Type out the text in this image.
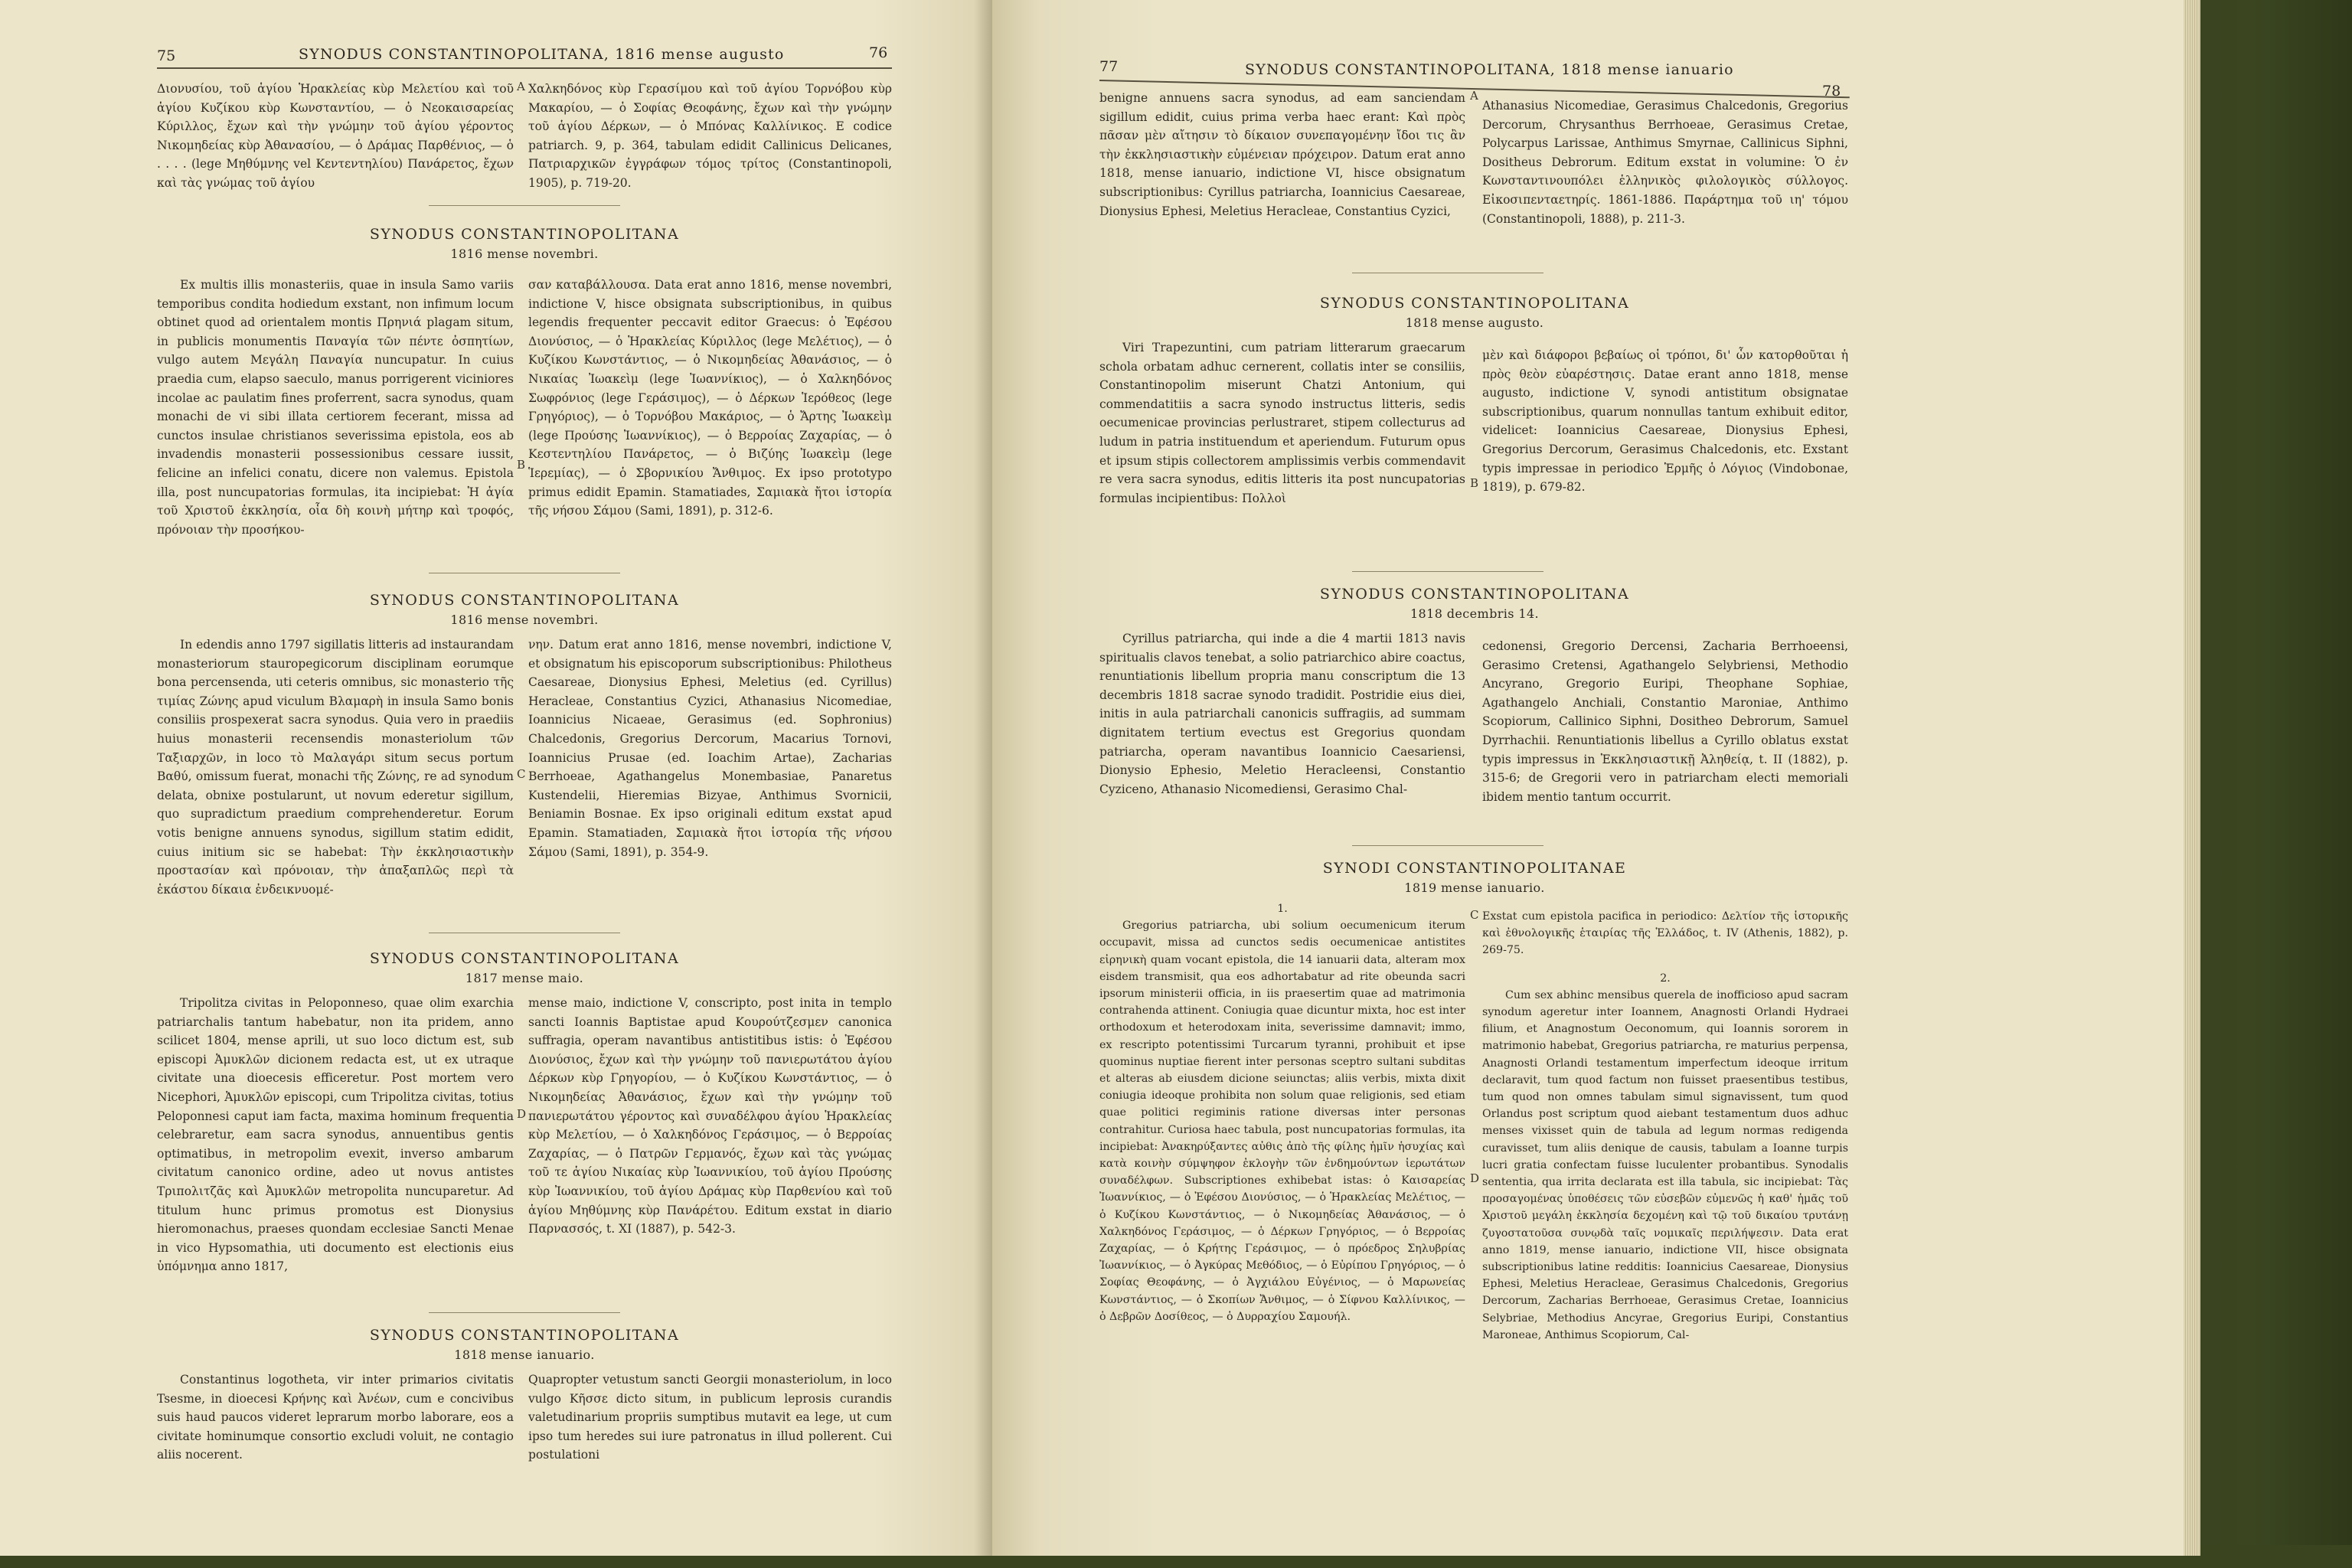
75	SYNODUS CONSTANTINOPOLITANA, 1816 mense augusto	76

Διονυσίου, τοῦ ἁγίου Ἡρακλείας κὺρ Μελετίου καὶ τοῦ ἁγίου Κυζίκου κὺρ Κωνσταντίου, — ὁ Νεοκαισαρείας Κύριλλος, ἔχων καὶ τὴν γνώμην τοῦ ἁγίου γέροντος Νικομηδείας κὺρ Ἀθανασίου, — ὁ Δράμας Παρθένιος, — ὁ . . . . (lege Μηθύμνης vel Κεντεντηλίου) Πανάρετος, ἔχων καὶ τὰς γνώμας τοῦ ἁγίου

Χαλκηδόνος κὺρ Γερασίμου καὶ τοῦ ἁγίου Τορνόβου κὺρ Μακαρίου, — ὁ Σοφίας Θεοφάνης, ἔχων καὶ τὴν γνώμην τοῦ ἁγίου Δέρκων, — ὁ Μπόνας Καλλίνικος. E codice patriarch. 9, p. 364, tabulam edidit Callinicus Delicanes, Πατριαρχικῶν ἐγγράφων τόμος τρίτος (Constantinopoli, 1905), p. 719-20.

SYNODUS CONSTANTINOPOLITANA
1816 mense novembri.

Ex multis illis monasteriis, quae in insula Samo variis temporibus condita hodiedum exstant, non infimum locum obtinet quod ad orientalem montis Πρηνιά plagam situm, in publicis monumentis Παναγία τῶν πέντε ὀσπητίων, vulgo autem Μεγάλη Παναγία nuncupatur. In cuius praedia cum, elapso saeculo, manus porrigerent viciniores incolae ac paulatim fines proferrent, sacra synodus, quam monachi de vi sibi illata certiorem fecerant, missa ad cunctos insulae christianos severissima epistola, eos ab invadendis monasterii possessionibus cessare iussit, felicine an infelici conatu, dicere non valemus. Epistola illa, post nuncupatorias formulas, ita incipiebat: Ἡ ἁγία τοῦ Χριστοῦ ἐκκλησία, οἷα δὴ κοινὴ μήτηρ καὶ τροφός, πρόνοιαν τὴν προσήκου-

σαν καταβάλλουσα. Data erat anno 1816, mense novembri, indictione V, hisce obsignata subscriptionibus, in quibus legendis frequenter peccavit editor Graecus: ὁ Ἐφέσου Διονύσιος, — ὁ Ἡρακλείας Κύριλλος (lege Μελέτιος), — ὁ Κυζίκου Κωνστάντιος, — ὁ Νικομηδείας Ἀθανάσιος, — ὁ Νικαίας Ἰωακεὶμ (lege Ἰωαννίκιος), — ὁ Χαλκηδόνος Σωφρόνιος (lege Γεράσιμος), — ὁ Δέρκων Ἱερόθεος (lege Γρηγόριος), — ὁ Τορνόβου Μακάριος, — ὁ Ἄρτης Ἰωακεὶμ (lege Προύσης Ἰωαννίκιος), — ὁ Βερροίας Ζαχαρίας, — ὁ Κεστεντηλίου Πανάρετος, — ὁ Βιζύης Ἰωακεὶμ (lege Ἱερεμίας), — ὁ Σβορνικίου Ἄνθιμος. Ex ipso prototypo primus edidit Epamin. Stamatiades, Σαμιακὰ ἤτοι ἱστορία τῆς νήσου Σάμου (Sami, 1891), p. 312-6.

SYNODUS CONSTANTINOPOLITANA
1816 mense novembri.

In edendis anno 1797 sigillatis litteris ad instaurandam monasteriorum stauropegicorum disciplinam eorumque bona percensenda, uti ceteris omnibus, sic monasterio τῆς τιμίας Ζώνης apud viculum Βλαμαρὴ in insula Samo bonis consiliis prospexerat sacra synodus. Quia vero in praediis huius monasterii recensendis monasteriolum τῶν Ταξιαρχῶν, in loco τὸ Μαλαγάρι situm secus portum Βαθύ, omissum fuerat, monachi τῆς Ζώνης, re ad synodum delata, obnixe postularunt, ut novum ederetur sigillum, quo supradictum praedium comprehenderetur. Eorum votis benigne annuens synodus, sigillum statim edidit, cuius initium sic se habebat: Τὴν ἐκκλησιαστικὴν προστασίαν καὶ πρόνοιαν, τὴν ἀπαξαπλῶς περὶ τὰ ἑκάστου δίκαια ἐνδεικνυομέ-

νην. Datum erat anno 1816, mense novembri, indictione V, et obsignatum his episcoporum subscriptionibus: Philotheus Caesareae, Dionysius Ephesi, Meletius (ed. Cyrillus) Heracleae, Constantius Cyzici, Athanasius Nicomediae, Ioannicius Nicaeae, Gerasimus (ed. Sophronius) Chalcedonis, Gregorius Dercorum, Macarius Tornovi, Ioannicius Prusae (ed. Ioachim Artae), Zacharias Berrhoeae, Agathangelus Monembasiae, Panaretus Kustendelii, Hieremias Bizyae, Anthimus Svornicii, Beniamin Bosnae. Ex ipso originali editum exstat apud Epamin. Stamatiaden, Σαμιακὰ ἤτοι ἱστορία τῆς νήσου Σάμου (Sami, 1891), p. 354-9.

SYNODUS CONSTANTINOPOLITANA
1817 mense maio.

Tripolitza civitas in Peloponneso, quae olim exarchia patriarchalis tantum habebatur, non ita pridem, anno scilicet 1804, mense aprili, ut suo loco dictum est, sub episcopi Ἀμυκλῶν dicionem redacta est, ut ex utraque civitate una dioecesis efficeretur. Post mortem vero Nicephori, Ἀμυκλῶν episcopi, cum Tripolitza civitas, totius Peloponnesi caput iam facta, maxima hominum frequentia celebraretur, eam sacra synodus, annuentibus gentis optimatibus, in metropolim evexit, inverso ambarum civitatum canonico ordine, adeo ut novus antistes Τριπολιτζᾶς καὶ Ἀμυκλῶν metropolita nuncuparetur. Ad titulum hunc primus promotus est Dionysius hieromonachus, praeses quondam ecclesiae Sancti Menae in vico Hypsomathia, uti documento est electionis eius ὑπόμνημα anno 1817,

mense maio, indictione V, conscripto, post inita in templo sancti Ioannis Baptistae apud Κουρούτζεσμεν canonica suffragia, operam navantibus antistitibus istis: ὁ Ἐφέσου Διονύσιος, ἔχων καὶ τὴν γνώμην τοῦ πανιερωτάτου ἁγίου Δέρκων κὺρ Γρηγορίου, — ὁ Κυζίκου Κωνστάντιος, — ὁ Νικομηδείας Ἀθανάσιος, ἔχων καὶ τὴν γνώμην τοῦ πανιερωτάτου γέροντος καὶ συναδέλφου ἁγίου Ἡρακλείας κὺρ Μελετίου, — ὁ Χαλκηδόνος Γεράσιμος, — ὁ Βερροίας Ζαχαρίας, — ὁ Πατρῶν Γερμανός, ἔχων καὶ τὰς γνώμας τοῦ τε ἁγίου Νικαίας κὺρ Ἰωαννικίου, τοῦ ἁγίου Προύσης κὺρ Ἰωαννικίου, τοῦ ἁγίου Δράμας κὺρ Παρθενίου καὶ τοῦ ἁγίου Μηθύμνης κὺρ Πανάρέτου. Editum exstat in diario Παρνασσός, t. XI (1887), p. 542-3.

SYNODUS CONSTANTINOPOLITANA
1818 mense ianuario.

Constantinus logotheta, vir inter primarios civitatis Tsesme, in dioecesi Κρήνης καὶ Ἀνέων, cum e concivibus suis haud paucos videret leprarum morbo laborare, eos a civitate hominumque consortio excludi voluit, ne contagio aliis nocerent.

Quapropter vetustum sancti Georgii monasteriolum, in loco vulgo Κῆσσε dicto situm, in publicum leprosis curandis valetudinarium propriis sumptibus mutavit ea lege, ut cum ipso tum heredes sui iure patronatus in illud pollerent. Cui postulationi

A
B
C
D
77	SYNODUS CONSTANTINOPOLITANA, 1818 mense ianuario
78

benigne annuens sacra synodus, ad eam sanciendam sigillum edidit, cuius prima verba haec erant: Καὶ πρὸς πᾶσαν μὲν αἴτησιν τὸ δίκαιον συνεπαγομένην ἴδοι τις ἂν τὴν ἐκκλησιαστικὴν εὐμένειαν πρόχειρον. Datum erat anno 1818, mense ianuario, indictione VI, hisce obsignatum subscriptionibus: Cyrillus patriarcha, Ioannicius Caesareae, Dionysius Ephesi, Meletius Heracleae, Constantius Cyzici,

Athanasius Nicomediae, Gerasimus Chalcedonis, Gregorius Dercorum, Chrysanthus Berrhoeae, Gerasimus Cretae, Polycarpus Larissae, Anthimus Smyrnae, Callinicus Siphni, Dositheus Debrorum. Editum exstat in volumine: Ὁ ἐν Κωνσταντινουπόλει ἑλληνικὸς φιλολογικὸς σύλλογος. Εἰκοσιπενταετηρίς. 1861-1886. Παράρτημα τοῦ ιη' τόμου (Constantinopoli, 1888), p. 211-3.

SYNODUS CONSTANTINOPOLITANA
1818 mense augusto.

Viri Trapezuntini, cum patriam litterarum graecarum schola orbatam adhuc cernerent, collatis inter se consiliis, Constantinopolim miserunt Chatzi Antonium, qui commendatitiis a sacra synodo instructus litteris, sedis oecumenicae provincias perlustraret, stipem collecturus ad ludum in patria instituendum et aperiendum. Futurum opus et ipsum stipis collectorem amplissimis verbis commendavit re vera sacra synodus, editis litteris ita post nuncupatorias formulas incipientibus: Πολλοὶ

μὲν καὶ διάφοροι βεβαίως οἱ τρόποι, δι' ὧν κατορθοῦται ἡ πρὸς θεὸν εὐαρέστησις. Datae erant anno 1818, mense augusto, indictione V, synodi antistitum obsignatae subscriptionibus, quarum nonnullas tantum exhibuit editor, videlicet: Ioannicius Caesareae, Dionysius Ephesi, Gregorius Dercorum, Gerasimus Chalcedonis, etc. Exstant typis impressae in periodico Ἑρμῆς ὁ Λόγιος (Vindobonae, 1819), p. 679-82.

SYNODUS CONSTANTINOPOLITANA
1818 decembris 14.

Cyrillus patriarcha, qui inde a die 4 martii 1813 navis spiritualis clavos tenebat, a solio patriarchico abire coactus, renuntiationis libellum propria manu conscriptum die 13 decembris 1818 sacrae synodo tradidit. Postridie eius diei, initis in aula patriarchali canonicis suffragiis, ad summam dignitatem tertium evectus est Gregorius quondam patriarcha, operam navantibus Ioannicio Caesariensi, Dionysio Ephesio, Meletio Heracleensi, Constantio Cyziceno, Athanasio Nicomediensi, Gerasimo Chal-

cedonensi, Gregorio Dercensi, Zacharia Berrhoeensi, Gerasimo Cretensi, Agathangelo Selybriensi, Methodio Ancyrano, Gregorio Euripi, Theophane Sophiae, Agathangelo Anchiali, Constantio Maroniae, Anthimo Scopiorum, Callinico Siphni, Dositheo Debrorum, Samuel Dyrrhachii. Renuntiationis libellus a Cyrillo oblatus exstat typis impressus in Ἐκκλησιαστικῇ Ἀληθείᾳ, t. II (1882), p. 315-6; de Gregorii vero in patriarcham electi memoriali ibidem mentio tantum occurrit.

SYNODI CONSTANTINOPOLITANAE
1819 mense ianuario.

1.

Gregorius patriarcha, ubi solium oecumenicum iterum occupavit, missa ad cunctos sedis oecumenicae antistites εἰρηνικὴ quam vocant epistola, die 14 ianuarii data, alteram mox eisdem transmisit, qua eos adhortabatur ad rite obeunda sacri ipsorum ministerii officia, in iis praesertim quae ad matrimonia contrahenda attinent. Coniugia quae dicuntur mixta, hoc est inter orthodoxum et heterodoxam inita, severissime damnavit; immo, ex rescripto potentissimi Turcarum tyranni, prohibuit et ipse quominus nuptiae fierent inter personas sceptro sultani subditas et alteras ab eiusdem dicione seiunctas; aliis verbis, mixta dixit coniugia ideoque prohibita non solum quae religionis, sed etiam quae politici regiminis ratione diversas inter personas contrahitur. Curiosa haec tabula, post nuncupatorias formulas, ita incipiebat: Ἀνακηρύξαντες αὐθις ἀπὸ τῆς φίλης ἡμῖν ἡσυχίας καὶ κατὰ κοινὴν σύμψηφον ἐκλογὴν τῶν ἐνδημούντων ἱερωτάτων συναδέλφων. Subscriptiones exhibebat istas: ὁ Καισαρείας Ἰωαννίκιος, — ὁ Ἐφέσου Διονύσιος, — ὁ Ἡρακλείας Μελέτιος, — ὁ Κυζίκου Κωνστάντιος, — ὁ Νικομηδείας Ἀθανάσιος, — ὁ Χαλκηδόνος Γεράσιμος, — ὁ Δέρκων Γρηγόριος, — ὁ Βερροίας Ζαχαρίας, — ὁ Κρήτης Γεράσιμος, — ὁ πρόεδρος Σηλυβρίας Ἰωαννίκιος, — ὁ Ἀγκύρας Μεθόδιος, — ὁ Εὐρίπου Γρηγόριος, — ὁ Σοφίας Θεοφάνης, — ὁ Ἀγχιάλου Εὐγένιος, — ὁ Μαρωνείας Κωνστάντιος, — ὁ Σκοπίων Ἄνθιμος, — ὁ Σίφνου Καλλίνικος, — ὁ Δεβρῶν Δοσίθεος, — ὁ Δυρραχίου Σαμουήλ.

Exstat cum epistola pacifica in periodico: Δελτίον τῆς ἱστορικῆς καὶ ἐθνολογικῆς ἑταιρίας τῆς Ἑλλάδος, t. IV (Athenis, 1882), p. 269-75.

2.

Cum sex abhinc mensibus querela de inofficioso apud sacram synodum ageretur inter Ioannem, Anagnosti Orlandi Hydraei filium, et Anagnostum Oeconomum, qui Ioannis sororem in matrimonio habebat, Gregorius patriarcha, re maturius perpensa, Anagnosti Orlandi testamentum imperfectum ideoque irritum declaravit, tum quod factum non fuisset praesentibus testibus, tum quod non omnes tabulam simul signavissent, tum quod Orlandus post scriptum quod aiebant testamentum duos adhuc menses vixisset quin de tabula ad legum normas redigenda curavisset, tum aliis denique de causis, tabulam a Ioanne turpis lucri gratia confectam fuisse luculenter probantibus. Synodalis sententia, qua irrita declarata est illa tabula, sic incipiebat: Τὰς προσαγομένας ὑποθέσεις τῶν εὐσεβῶν εὐμενῶς ἡ καθ' ἡμᾶς τοῦ Χριστοῦ μεγάλη ἐκκλησία δεχομένη καὶ τῷ τοῦ δικαίου τρυτάνῃ ζυγοστατοῦσα συνῳδὰ ταῖς νομικαῖς περιλήψεσιν. Data erat anno 1819, mense ianuario, indictione VII, hisce obsignata subscriptionibus latine redditis: Ioannicius Caesareae, Dionysius Ephesi, Meletius Heracleae, Gerasimus Chalcedonis, Gregorius Dercorum, Zacharias Berrhoeae, Gerasimus Cretae, Ioannicius Selybriae, Methodius Ancyrae, Gregorius Euripi, Constantius Maroneae, Anthimus Scopiorum, Cal-

A
B
C
D
